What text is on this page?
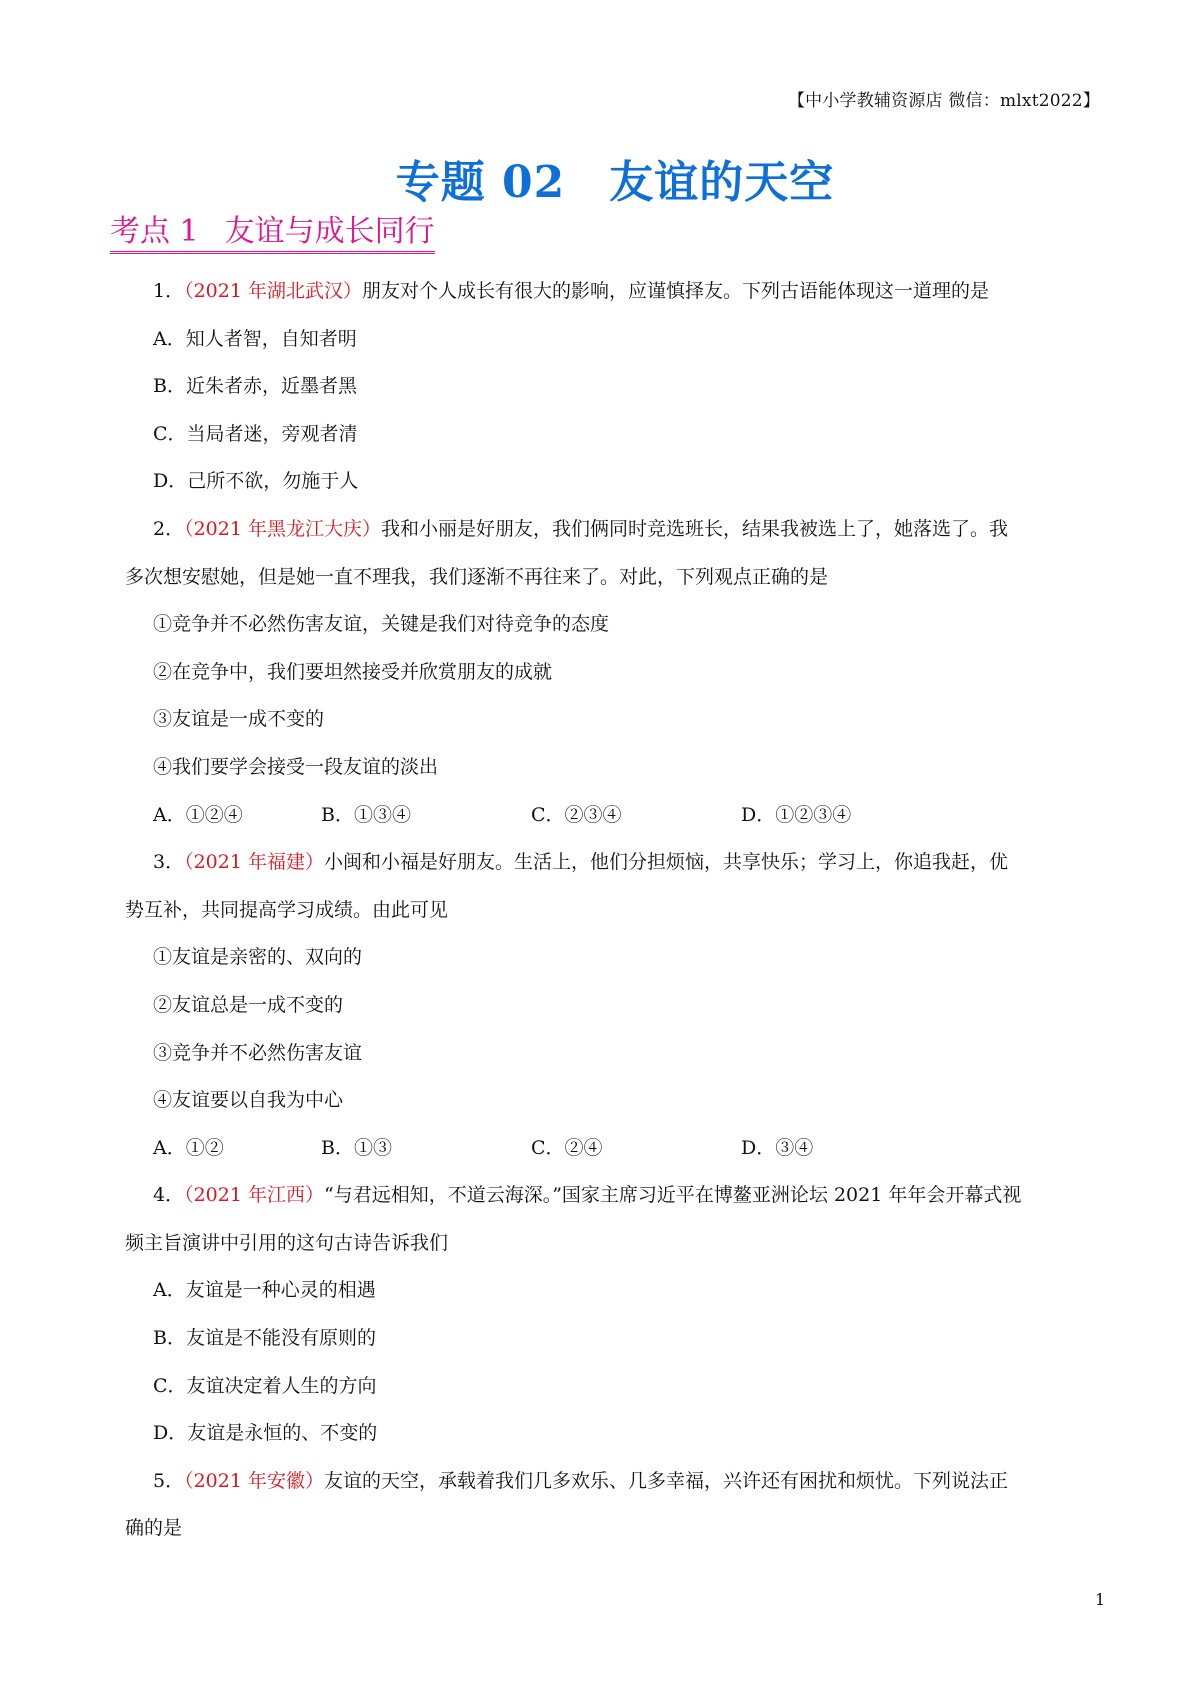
【中小学教辅资源店 微信：mlxt2022】
专题 02 友谊的天空
考点 1 友谊与成长同行
1．（2021 年湖北武汉）朋友对个人成长有很大的影响，应谨慎择友。下列古语能体现这一道理的是
A．知人者智，自知者明
B．近朱者赤，近墨者黑
C．当局者迷，旁观者清
D．己所不欲，勿施于人
2．（2021 年黑龙江大庆）我和小丽是好朋友，我们俩同时竞选班长，结果我被选上了，她落选了。我
多次想安慰她，但是她一直不理我，我们逐渐不再往来了。对此，下列观点正确的是
①竞争并不必然伤害友谊，关键是我们对待竞争的态度
②在竞争中，我们要坦然接受并欣赏朋友的成就
③友谊是一成不变的
④我们要学会接受一段友谊的淡出
A．①②④	B．①③④	C．②③④	D．①②③④
3．（2021 年福建）小闽和小福是好朋友。生活上，他们分担烦恼，共享快乐；学习上，你追我赶，优
势互补，共同提高学习成绩。由此可见
①友谊是亲密的、双向的
②友谊总是一成不变的
③竞争并不必然伤害友谊
④友谊要以自我为中心
A．①②	B．①③	C．②④	D．③④
4．（2021 年江西）“与君远相知，不道云海深。”国家主席习近平在博鳌亚洲论坛 2021 年年会开幕式视
频主旨演讲中引用的这句古诗告诉我们
A．友谊是一种心灵的相遇
B．友谊是不能没有原则的
C．友谊决定着人生的方向
D．友谊是永恒的、不变的
5．（2021 年安徽）友谊的天空，承载着我们几多欢乐、几多幸福，兴许还有困扰和烦忧。下列说法正
确的是
1
